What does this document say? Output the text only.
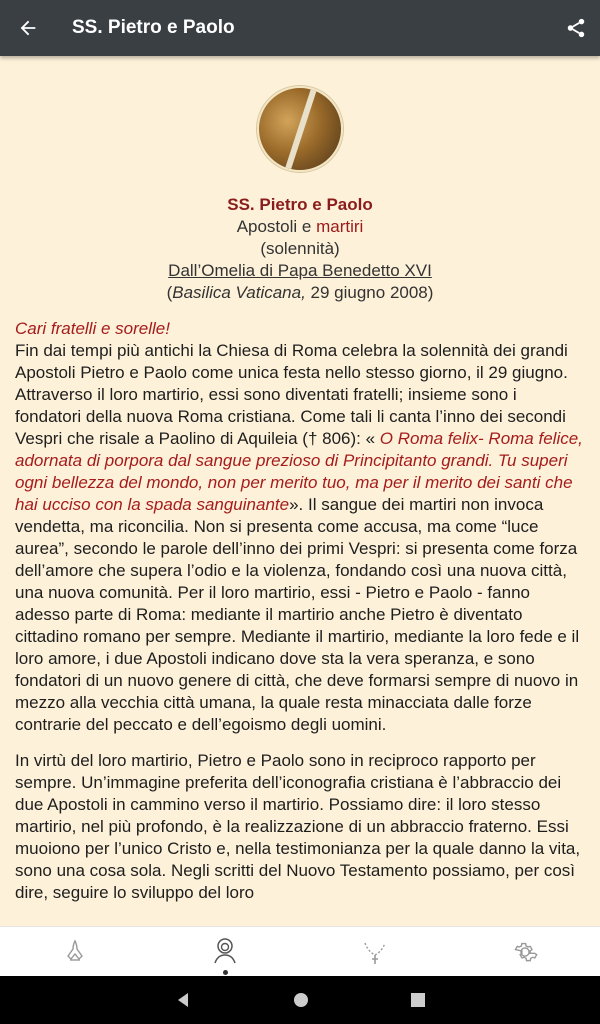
SS. Pietro e Paolo
SS. Pietro e Paolo
Apostoli e martiri
(solennità)
Dall’Omelia di Papa Benedetto XVI
(Basilica Vaticana, 29 giugno 2008)

Cari fratelli e sorelle!
Fin dai tempi più antichi la Chiesa di Roma celebra la solennità dei grandi Apostoli Pietro e Paolo come unica festa nello stesso giorno, il 29 giugno. Attraverso il loro martirio, essi sono diventati fratelli; insieme sono i fondatori della nuova Roma cristiana. Come tali li canta l’inno dei secondi Vespri che risale a Paolino di Aquileia († 806): « O Roma felix- Roma felice, adornata di porpora dal sangue prezioso di Principitanto grandi. Tu superi ogni bellezza del mondo, non per merito tuo, ma per il merito dei santi che hai ucciso con la spada sanguinante». Il sangue dei martiri non invoca vendetta, ma riconcilia. Non si presenta come accusa, ma come “luce aurea”, secondo le parole dell’inno dei primi Vespri: si presenta come forza dell’amore che supera l’odio e la violenza, fondando così una nuova città, una nuova comunità. Per il loro martirio, essi - Pietro e Paolo - fanno adesso parte di Roma: mediante il martirio anche Pietro è diventato cittadino romano per sempre. Mediante il martirio, mediante la loro fede e il loro amore, i due Apostoli indicano dove sta la vera speranza, e sono fondatori di un nuovo genere di città, che deve formarsi sempre di nuovo in mezzo alla vecchia città umana, la quale resta minacciata dalle forze contrarie del peccato e dell’egoismo degli uomini.

In virtù del loro martirio, Pietro e Paolo sono in reciproco rapporto per sempre. Un’immagine preferita dell’iconografia cristiana è l’abbraccio dei due Apostoli in cammino verso il martirio. Possiamo dire: il loro stesso martirio, nel più profondo, è la realizzazione di un abbraccio fraterno. Essi muoiono per l’unico Cristo e, nella testimonianza per la quale danno la vita, sono una cosa sola. Negli scritti del Nuovo Testamento possiamo, per così dire, seguire lo sviluppo del loro
